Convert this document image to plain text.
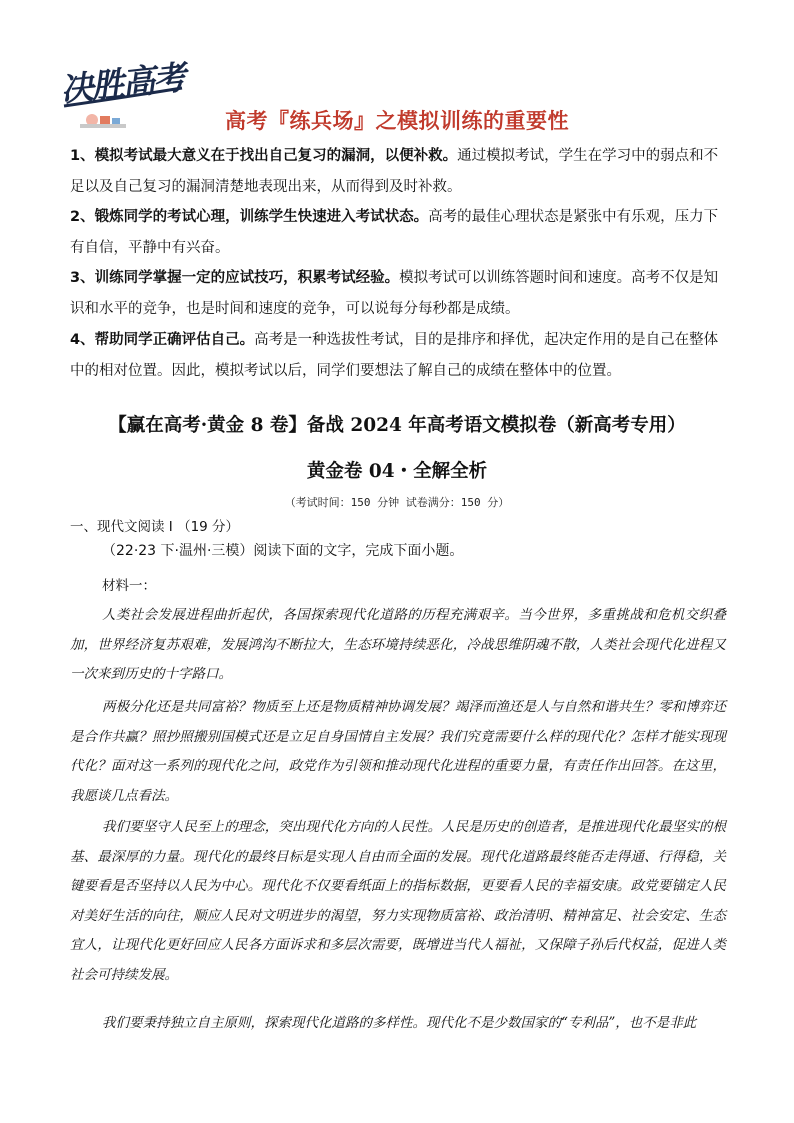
决胜高考
高考『练兵场』之模拟训练的重要性

1、模拟考试最大意义在于找出自己复习的漏洞，以便补救。通过模拟考试，学生在学习中的弱点和不足以及自己复习的漏洞清楚地表现出来，从而得到及时补救。

2、锻炼同学的考试心理，训练学生快速进入考试状态。高考的最佳心理状态是紧张中有乐观，压力下有自信，平静中有兴奋。

3、训练同学掌握一定的应试技巧，积累考试经验。模拟考试可以训练答题时间和速度。高考不仅是知识和水平的竞争，也是时间和速度的竞争，可以说每分每秒都是成绩。

4、帮助同学正确评估自己。高考是一种选拔性考试，目的是排序和择优，起决定作用的是自己在整体中的相对位置。因此，模拟考试以后，同学们要想法了解自己的成绩在整体中的位置。

【赢在高考·黄金 8 卷】备战 2024 年高考语文模拟卷（新高考专用）
黄金卷 04・全解全析
（考试时间：150 分钟 试卷满分：150 分）
一、现代文阅读 I （19 分）
（22·23 下·温州·三模）阅读下面的文字，完成下面小题。
材料一：

人类社会发展进程曲折起伏，各国探索现代化道路的历程充满艰辛。当今世界，多重挑战和危机交织叠加，世界经济复苏艰难，发展鸿沟不断拉大，生态环境持续恶化，冷战思维阴魂不散，人类社会现代化进程又一次来到历史的十字路口。

两极分化还是共同富裕？物质至上还是物质精神协调发展？竭泽而渔还是人与自然和谐共生？零和博弈还是合作共赢？照抄照搬别国模式还是立足自身国情自主发展？我们究竟需要什么样的现代化？怎样才能实现现代化？面对这一系列的现代化之问，政党作为引领和推动现代化进程的重要力量，有责任作出回答。在这里，我愿谈几点看法。

我们要坚守人民至上的理念，突出现代化方向的人民性。人民是历史的创造者，是推进现代化最坚实的根基、最深厚的力量。现代化的最终目标是实现人自由而全面的发展。现代化道路最终能否走得通、行得稳，关键要看是否坚持以人民为中心。现代化不仅要看纸面上的指标数据，更要看人民的幸福安康。政党要锚定人民对美好生活的向往，顺应人民对文明进步的渴望，努力实现物质富裕、政治清明、精神富足、社会安定、生态宜人，让现代化更好回应人民各方面诉求和多层次需要，既增进当代人福祉，又保障子孙后代权益，促进人类社会可持续发展。

我们要秉持独立自主原则，探索现代化道路的多样性。现代化不是少数国家的“专利品”，也不是非此
